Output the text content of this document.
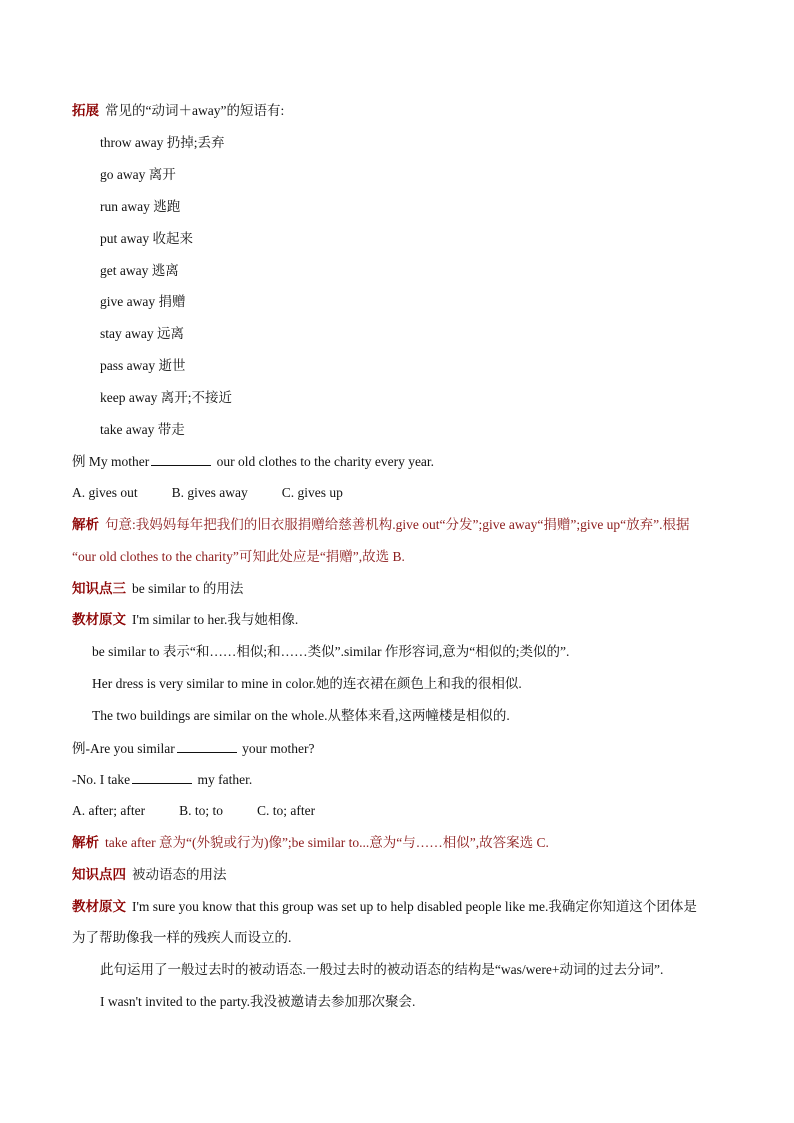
拓展 常见的“动词＋away”的短语有:
throw away 扔掉;丢弃
go away 离开
run away 逃跑
put away 收起来
get away 逃离
give away 捐赠
stay away 远离
pass away 逝世
keep away 离开;不接近
take away 带走
例 My mother	our old clothes to the charity every year.
A. gives out	B. gives away	C. gives up
解析 句意:我妈妈每年把我们的旧衣服捐赠给慈善机构.give out“分发”;give away“捐赠”;give up“放弃”.根据
“our old clothes to the charity”可知此处应是“捐赠”,故选 B.
知识点三 be similar to 的用法
教材原文 I'm similar to her.我与她相像.
be similar to 表示“和……相似;和……类似”.similar 作形容词,意为“相似的;类似的”.
Her dress is very similar to mine in color.她的连衣裙在颜色上和我的很相似.
The two buildings are similar on the whole.从整体来看,这两幢楼是相似的.
例-Are you similar	your mother?
-No. I take	my father.
A. after; after	B. to; to	C. to; after
解析 take after 意为“(外貌或行为)像”;be similar to...意为“与……相似”,故答案选 C.
知识点四 被动语态的用法
教材原文 I'm sure you know that this group was set up to help disabled people like me.我确定你知道这个团体是
为了帮助像我一样的残疾人而设立的.
此句运用了一般过去时的被动语态.一般过去时的被动语态的结构是“was/were+动词的过去分词”.
I wasn't invited to the party.我没被邀请去参加那次聚会.
